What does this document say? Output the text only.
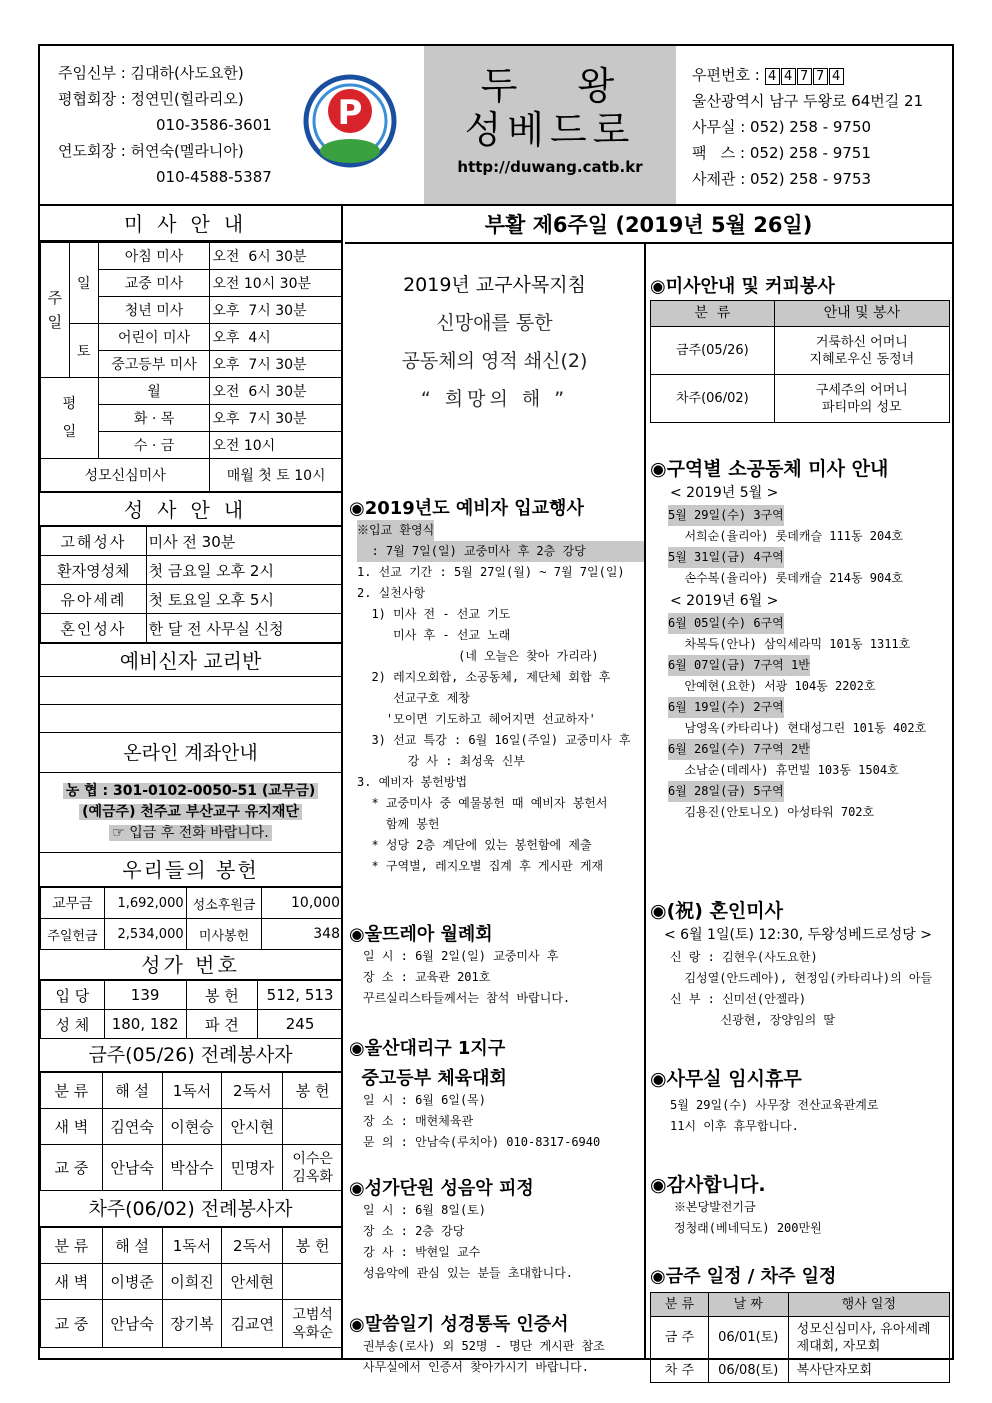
주임신부 : 김대하(사도요한)
평협회장 : 정연민(힐라리오)
010-3586-3601
연도회장 : 허연숙(멜라니아)
010-4588-5387
P
두왕
성베드로
http://duwang.catb.kr
우편번호 : 4 4 7 7 4
울산광역시 남구 두왕로 64번길 21
사무실 : 052) 258 - 9750
팩   스 : 052) 258 - 9751
사제관 : 052) 258 - 9753
미사안내
주
일	일	아침 미사	오전  6시 30분
		교중 미사	오전 10시 30분
		청년 미사	오후  7시 30분
	토	어린이 미사	오후  4시
		중고등부 미사	오후  7시 30분
평
일		월	오전  6시 30분
		화 · 목	오후  7시 30분
		수 · 금	오전 10시
성모신심미사			매월 첫 토 10시
성사안내
고해성사	미사 전 30분
환자영성체	첫 금요일 오후 2시
유아세례	첫 토요일 오후 5시
혼인성사	한 달 전 사무실 신청
예비신자 교리반
온라인 계좌안내
농 협 : 301-0102-0050-51 (교무금)
(예금주) 천주교 부산교구 유지재단
☞ 입금 후 전화 바랍니다.
우리들의 봉헌
교무금	1,692,000	성소후원금	10,000
주일헌금	2,534,000	미사봉헌	348
성가 번호
입 당	139	봉 헌	512, 513
성 체	180, 182	파 견	245
금주(05/26) 전례봉사자
분 류	해 설	1독서	2독서	봉 헌
새 벽	김연숙	이현승	안시현	
교 중	안남숙	박삼수	민명자	이수은
김옥화
차주(06/02) 전례봉사자
분 류	해 설	1독서	2독서	봉 헌
새 벽	이병준	이희진	안세현	
교 중	안남숙	장기복	김교연	고범석
옥화순
부활 제6주일 (2019년 5월 26일)
2019년 교구사목지침
신망애를 통한
공동체의 영적 쇄신(2)
“ 희망의 해 ”
◉2019년도 예비자 입교행사
※입교 환영식
: 7월 7일(일) 교중미사 후 2층 강당
1. 선교 기간 : 5월 27일(월) ~ 7월 7일(일)
2. 실천사항
1) 미사 전 - 선교 기도
미사 후 - 선교 노래
(네 오늘은 찾아 가리라)
2) 레지오회합, 소공동체, 제단체 회합 후
선교구호 제창
'모이면 기도하고 헤어지면 선교하자'
3) 선교 특강 : 6월 16일(주일) 교중미사 후
강 사 : 최성욱 신부
3. 예비자 봉헌방법
* 교중미사 중 예물봉헌 때 예비자 봉헌서
함께 봉헌
* 성당 2층 계단에 있는 봉헌함에 제출
* 구역별, 레지오별 집계 후 게시판 게재
◉울뜨레아 월례회
일 시 : 6월 2일(일) 교중미사 후
장 소 : 교육관 201호
꾸르실리스타들께서는 참석 바랍니다.
◉울산대리구 1지구
중고등부 체육대회
일 시 : 6월 6일(목)
장 소 : 매현체육관
문 의 : 안남숙(루치아) 010-8317-6940
◉성가단원 성음악 피정
일 시 : 6월 8일(토)
장 소 : 2층 강당
강 사 : 박현일 교수
성음악에 관심 있는 분들 초대합니다.
◉말씀일기 성경통독 인증서
권부송(로사) 외 52명 - 명단 게시판 참조
사무실에서 인증서 찾아가시기 바랍니다.
◉미사안내 및 커피봉사
분  류	안내 및 봉사
금주(05/26)	거룩하신 어머니
지혜로우신 동정녀
차주(06/02)	구세주의 어머니
파티마의 성모
◉구역별 소공동체 미사 안내
< 2019년 5월 >
5월 29일(수) 3구역
서희순(율리아) 롯데캐슬 111동 204호
5월 31일(금) 4구역
손수복(율리아) 롯데캐슬 214동 904호
< 2019년 6월 >
6월 05일(수) 6구역
차복득(안나) 삼익세라믹 101동 1311호
6월 07일(금) 7구역 1반
안예현(요한) 서광 104동 2202호
6월 19일(수) 2구역
남영옥(카타리나) 현대성그린 101동 402호
6월 26일(수) 7구역 2반
소남순(데레사) 휴먼빌 103동 1504호
6월 28일(금) 5구역
김용진(안토니오) 아성타워 702호
◉(祝) 혼인미사
< 6월 1일(토) 12:30, 두왕성베드로성당 >
신 랑 : 김현우(사도요한)
김성열(안드레아), 현정임(카타리나)의 아들
신 부 : 신미선(안젤라)
신광현, 장양임의 딸
◉사무실 임시휴무
5월 29일(수) 사무장 전산교육관계로
11시 이후 휴무합니다.
◉감사합니다.
※본당발전기금
정청래(베네딕도) 200만원
◉금주 일정 / 차주 일정
분 류	날 짜	행사 일정
금 주	06/01(토)	성모신심미사, 유아세례
제대회, 자모회
차 주	06/08(토)	복사단자모회
